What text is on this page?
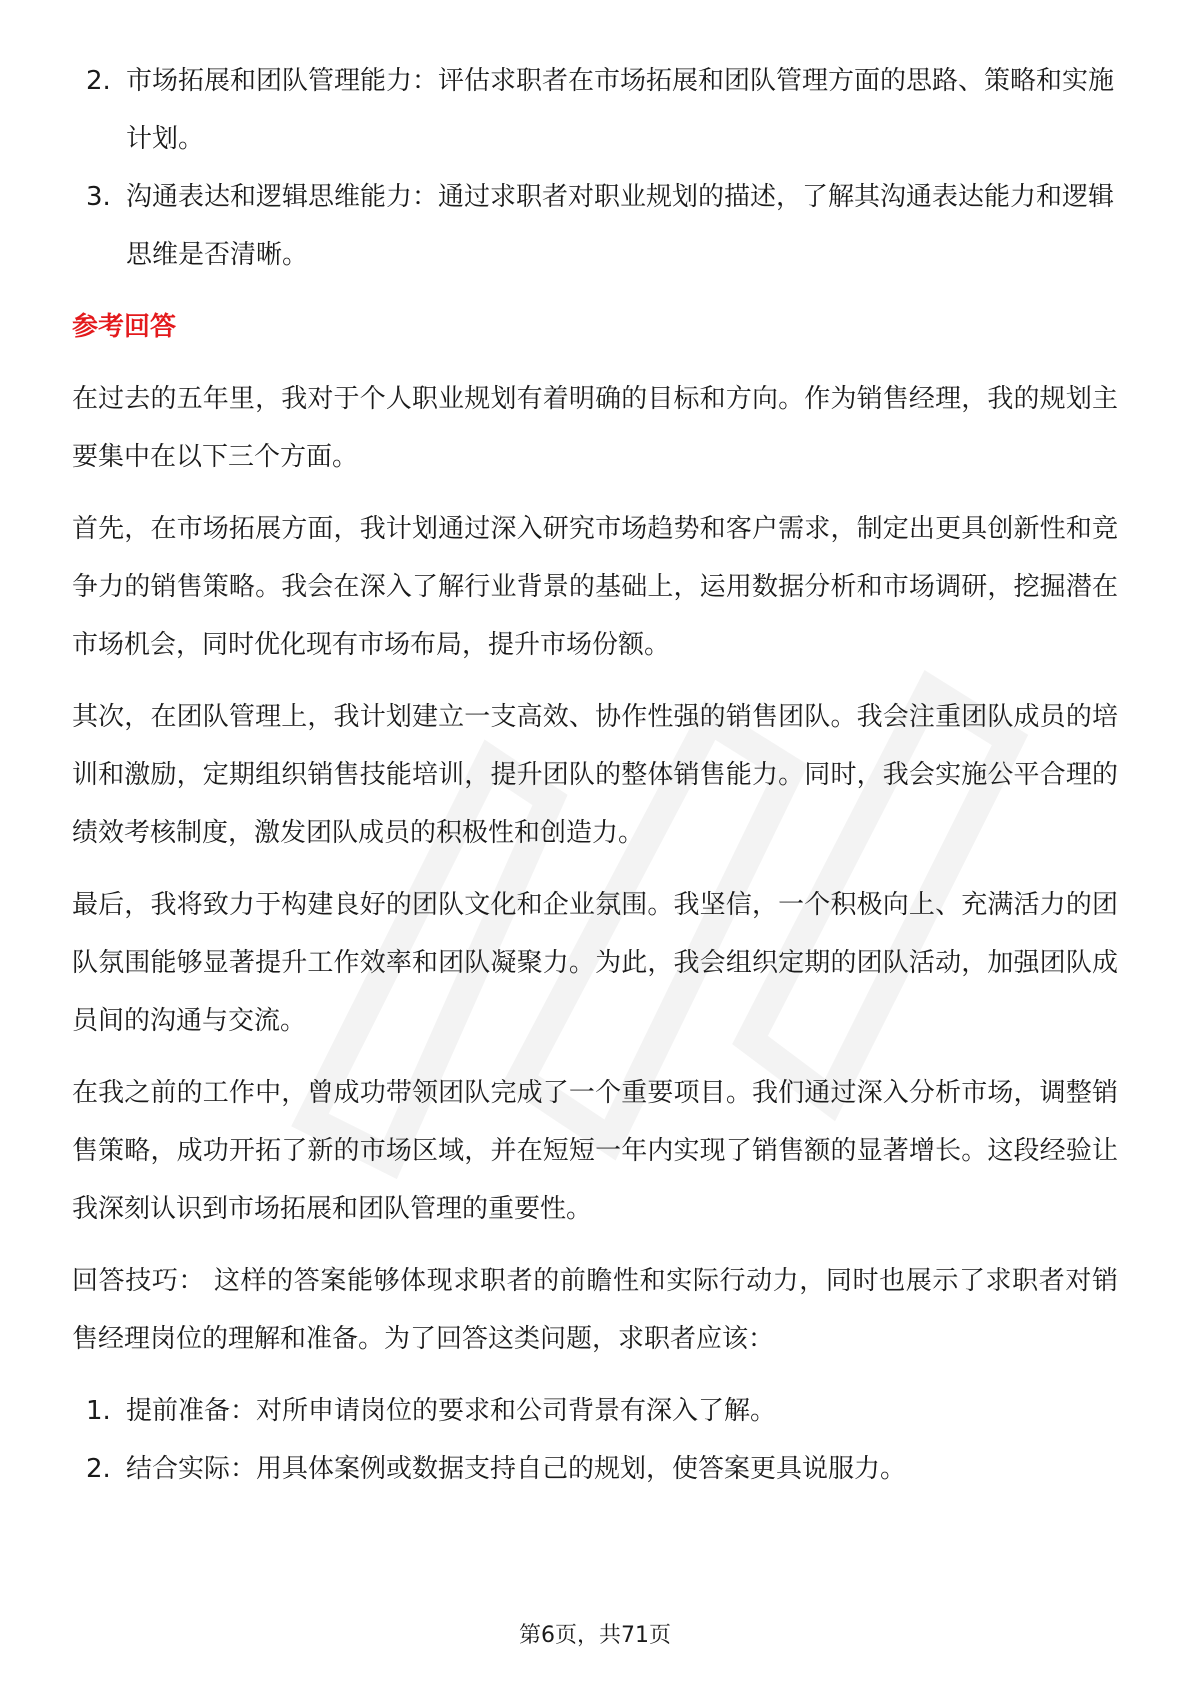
2. 市场拓展和团队管理能力：评估求职者在市场拓展和团队管理方面的思路、策略和实施计划。
3. 沟通表达和逻辑思维能力：通过求职者对职业规划的描述，了解其沟通表达能力和逻辑思维是否清晰。
参考回答

在过去的五年里，我对于个人职业规划有着明确的目标和方向。作为销售经理，我的规划主要集中在以下三个方面。

首先，在市场拓展方面，我计划通过深入研究市场趋势和客户需求，制定出更具创新性和竞争力的销售策略。我会在深入了解行业背景的基础上，运用数据分析和市场调研，挖掘潜在市场机会，同时优化现有市场布局，提升市场份额。

其次，在团队管理上，我计划建立一支高效、协作性强的销售团队。我会注重团队成员的培训和激励，定期组织销售技能培训，提升团队的整体销售能力。同时，我会实施公平合理的绩效考核制度，激发团队成员的积极性和创造力。

最后，我将致力于构建良好的团队文化和企业氛围。我坚信，一个积极向上、充满活力的团队氛围能够显著提升工作效率和团队凝聚力。为此，我会组织定期的团队活动，加强团队成员间的沟通与交流。

在我之前的工作中，曾成功带领团队完成了一个重要项目。我们通过深入分析市场，调整销售策略，成功开拓了新的市场区域，并在短短一年内实现了销售额的显著增长。这段经验让我深刻认识到市场拓展和团队管理的重要性。

回答技巧： 这样的答案能够体现求职者的前瞻性和实际行动力，同时也展示了求职者对销售经理岗位的理解和准备。为了回答这类问题，求职者应该：

1. 提前准备：对所申请岗位的要求和公司背景有深入了解。
2. 结合实际：用具体案例或数据支持自己的规划，使答案更具说服力。
第6页，共71页
